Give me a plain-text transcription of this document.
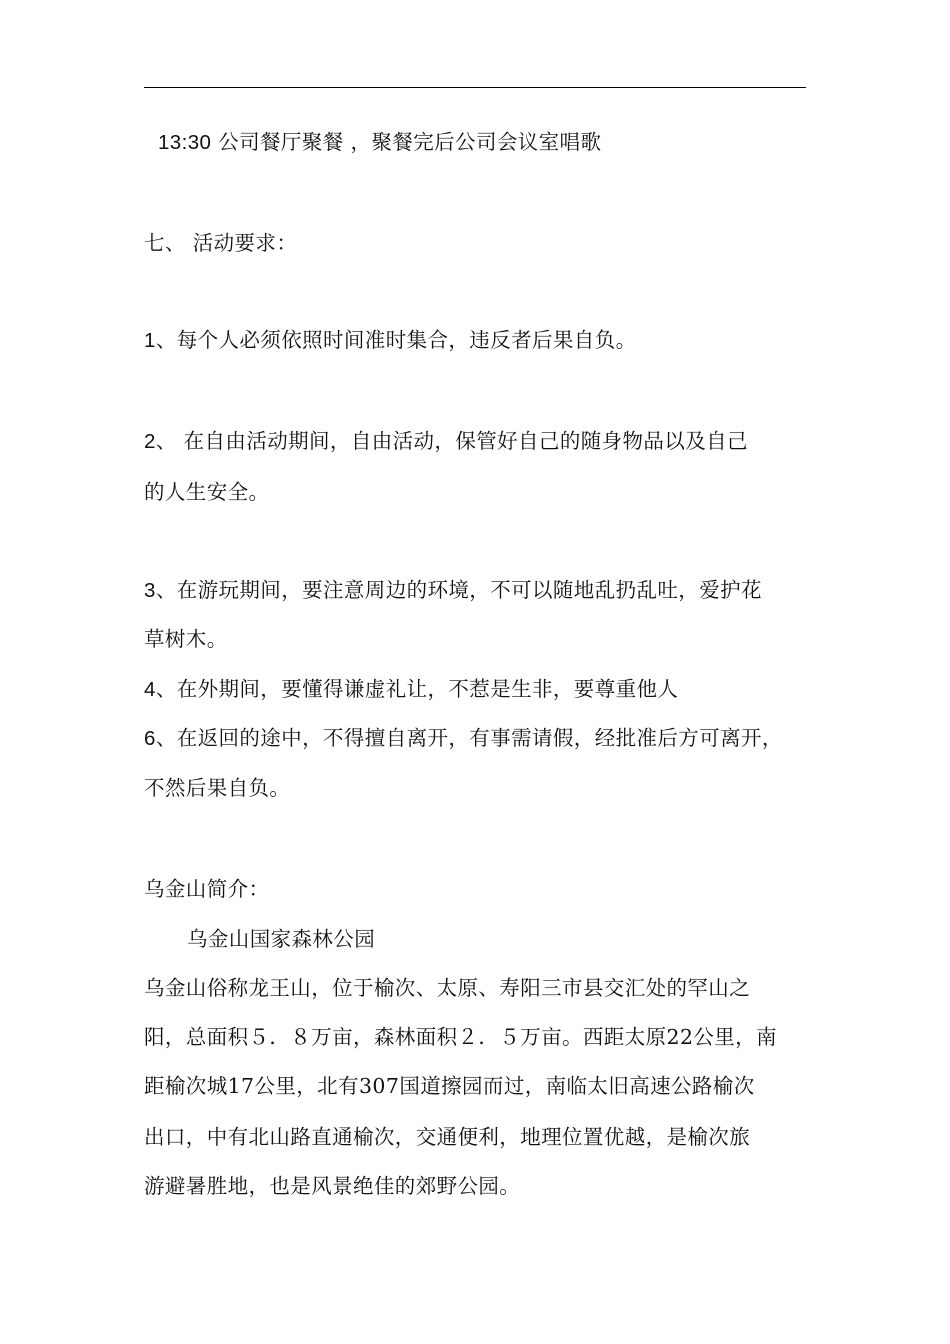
13:30 公司餐厅聚餐 ，聚餐完后公司会议室唱歌
七、 活动要求：
1、每个人必须依照时间准时集合，违反者后果自负。
2、 在自由活动期间，自由活动，保管好自己的随身物品以及自己
的人生安全。
3、在游玩期间，要注意周边的环境，不可以随地乱扔乱吐，爱护花
草树木。
4、在外期间，要懂得谦虚礼让，不惹是生非，要尊重他人
6、在返回的途中，不得擅自离开，有事需请假，经批准后方可离开，
不然后果自负。
乌金山简介：
乌金山国家森林公园
乌金山俗称龙王山，位于榆次、太原、寿阳三市县交汇处的罕山之
阳，总面积５．８万亩，森林面积２．５万亩。西距太原22公里，南
距榆次城17公里，北有307国道擦园而过，南临太旧高速公路榆次
出口，中有北山路直通榆次，交通便利，地理位置优越，是榆次旅
游避暑胜地，也是风景绝佳的郊野公园。
